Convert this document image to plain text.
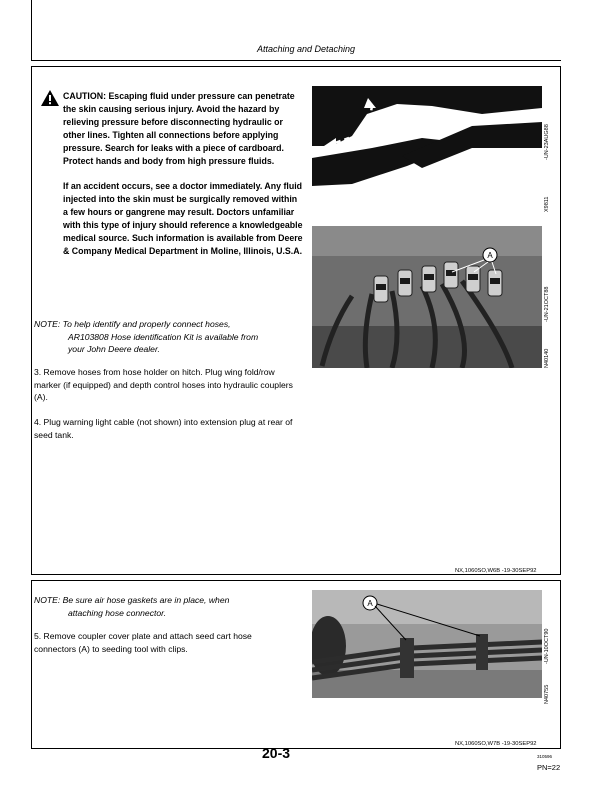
Attaching and Detaching

CAUTION: Escaping fluid under pressure can penetrate the skin causing serious injury. Avoid the hazard by relieving pressure before disconnecting hydraulic or other lines. Tighten all connections before applying pressure. Search for leaks with a piece of cardboard. Protect hands and body from high pressure fluids.

If an accident occurs, see a doctor immediately. Any fluid injected into the skin must be surgically removed within a few hours or gangrene may result. Doctors unfamiliar with this type of injury should reference a knowledgeable medical source. Such information is available from Deere & Company Medical Department in Moline, Illinois, U.S.A.

NOTE: To help identify and properly connect hoses,
AR103808 Hose identification Kit is available from
your John Deere dealer.
3. Remove hoses from hose holder on hitch. Plug wing fold/row marker (if equipped) and depth control hoses into hydraulic couplers (A).
4. Plug warning light cable (not shown) into extension plug at rear of seed tank.
-UN-23AUG88
X9811
A
-UN-21OCT88
N40140
NX,1060SO,W6B -19-30SEP92
NOTE: Be sure air hose gaskets are in place, when
attaching hose connector.
5. Remove coupler cover plate and attach seed cart hose connectors (A) to seeding tool with clips.
A
-UN-10OCT90
N40755
NX,1060SO,W7B -19-30SEP92
20-3	310596
PN=22
